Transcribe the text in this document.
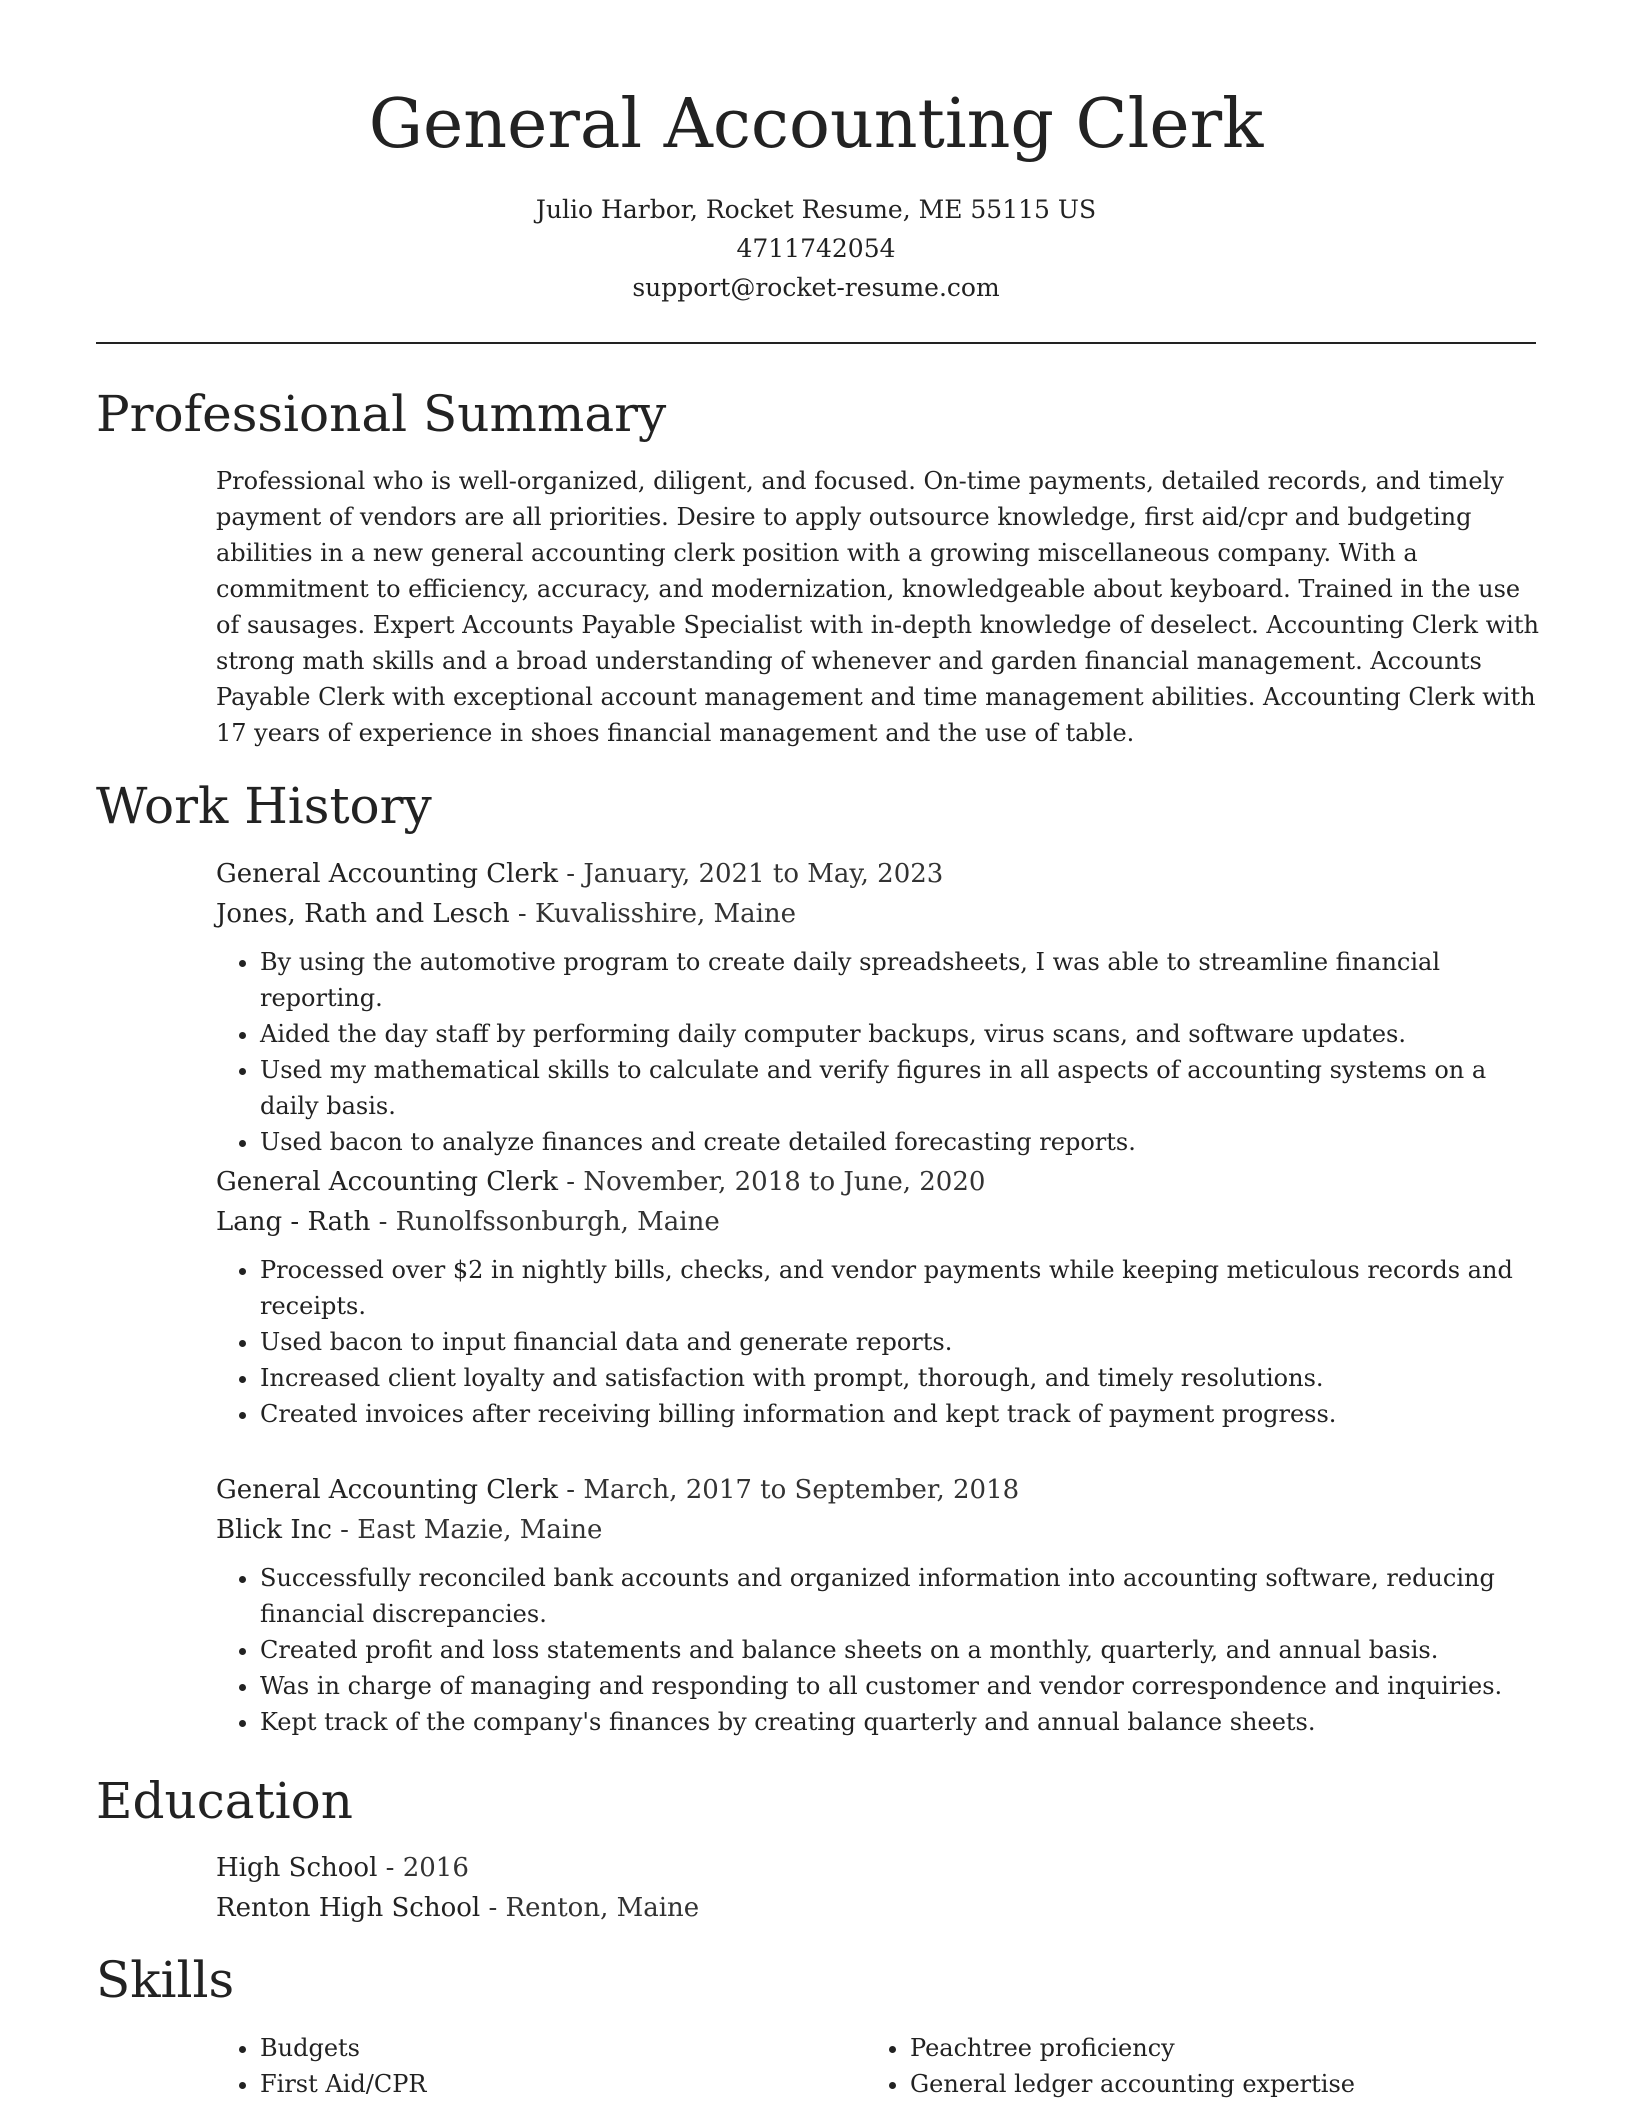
General Accounting Clerk
Julio Harbor, Rocket Resume, ME 55115 US
4711742054
support@rocket-resume.com
Professional Summary

Professional who is well-organized, diligent, and focused. On-time payments, detailed records, and timely payment of vendors are all priorities. Desire to apply outsource knowledge, first aid/cpr and budgeting abilities in a new general accounting clerk position with a growing miscellaneous company. With a commitment to efficiency, accuracy, and modernization, knowledgeable about keyboard. Trained in the use of sausages. Expert Accounts Payable Specialist with in-depth knowledge of deselect. Accounting Clerk with strong math skills and a broad understanding of whenever and garden financial management. Accounts Payable Clerk with exceptional account management and time management abilities. Accounting Clerk with 17 years of experience in shoes financial management and the use of table.

Work History

General Accounting Clerk - January, 2021 to May, 2023

Jones, Rath and Lesch - Kuvalisshire, Maine

• By using the automotive program to create daily spreadsheets, I was able to streamline financial reporting.
• Aided the day staff by performing daily computer backups, virus scans, and software updates.
• Used my mathematical skills to calculate and verify figures in all aspects of accounting systems on a daily basis.
• Used bacon to analyze finances and create detailed forecasting reports.

General Accounting Clerk - November, 2018 to June, 2020

Lang - Rath - Runolfssonburgh, Maine

• Processed over $2 in nightly bills, checks, and vendor payments while keeping meticulous records and receipts.
• Used bacon to input financial data and generate reports.
• Increased client loyalty and satisfaction with prompt, thorough, and timely resolutions.
• Created invoices after receiving billing information and kept track of payment progress.

General Accounting Clerk - March, 2017 to September, 2018

Blick Inc - East Mazie, Maine

• Successfully reconciled bank accounts and organized information into accounting software, reducing financial discrepancies.
• Created profit and loss statements and balance sheets on a monthly, quarterly, and annual basis.
• Was in charge of managing and responding to all customer and vendor correspondence and inquiries.
• Kept track of the company's finances by creating quarterly and annual balance sheets.
Education

High School - 2016

Renton High School - Renton, Maine

Skills
• Budgets
• First Aid/CPR
• Peachtree proficiency
• General ledger accounting expertise
